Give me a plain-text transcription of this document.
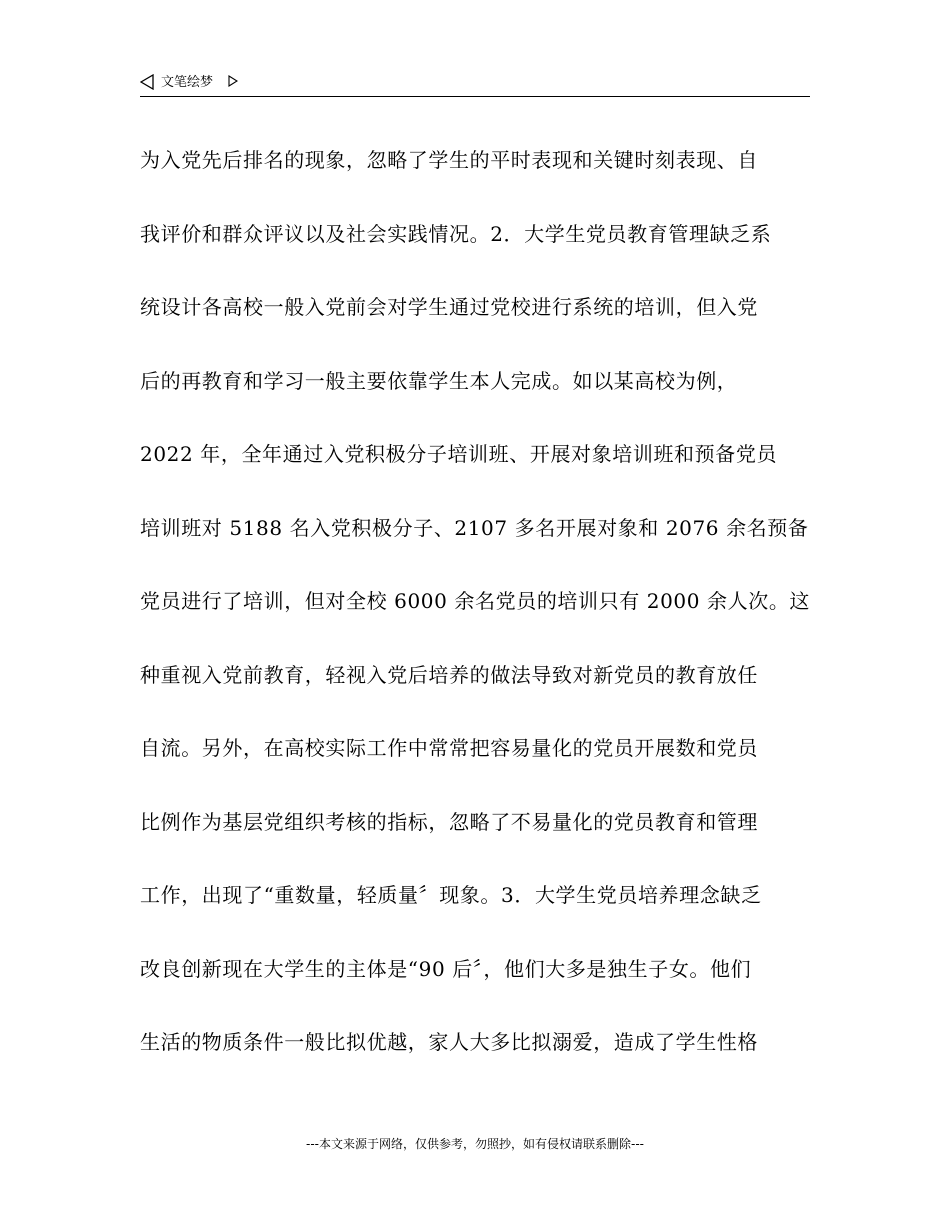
文笔绘梦
为入党先后排名的现象，忽略了学生的平时表现和关键时刻表现、自
我评价和群众评议以及社会实践情况。2．大学生党员教育管理缺乏系
统设计各高校一般入党前会对学生通过党校进行系统的培训，但入党
后的再教育和学习一般主要依靠学生本人完成。如以某高校为例，
2022 年，全年通过入党积极分子培训班、开展对象培训班和预备党员
培训班对 5188 名入党积极分子、2107 多名开展对象和 2076 余名预备
党员进行了培训，但对全校 6000 余名党员的培训只有 2000 余人次。这
种重视入党前教育，轻视入党后培养的做法导致对新党员的教育放任
自流。另外，在高校实际工作中常常把容易量化的党员开展数和党员
比例作为基层党组织考核的指标，忽略了不易量化的党员教育和管理
工作，出现了“重数量，轻质量〞现象。3．大学生党员培养理念缺乏
改良创新现在大学生的主体是“90 后〞，他们大多是独生子女。他们
生活的物质条件一般比拟优越，家人大多比拟溺爱，造成了学生性格
---本文来源于网络，仅供参考，勿照抄，如有侵权请联系删除---
